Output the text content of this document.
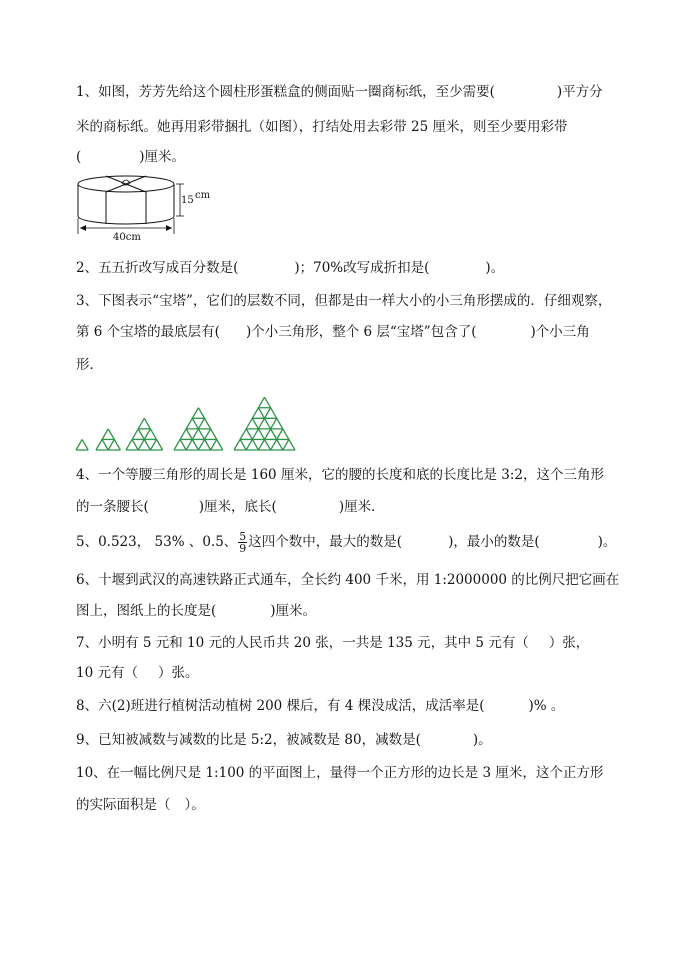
1、如图，芳芳先给这个圆柱形蛋糕盒的侧面贴一圈商标纸，至少需要(	)平方分
米的商标纸。她再用彩带捆扎（如图），打结处用去彩带 25 厘米，则至少要用彩带
(	)厘米。
15 cm
40cm
2、五五折改写成百分数是(	)；70%改写成折扣是(	)。
3、下图表示“宝塔”，它们的层数不同，但都是由一样大小的小三角形摆成的．仔细观察，
第 6 个宝塔的最底层有( )个小三角形，整个 6 层“宝塔”包含了(	)个小三角
形．
4、一个等腰三角形的周长是 160 厘米，它的腰的长度和底的长度比是 3:2，这个三角形
的一条腰长(	)厘米，底长(	)厘米．
5、0.523， 53% 、0.5、 $\frac{5}{9}$ 这四个数中，最大的数是(	)，最小的数是(	)。
6、十堰到武汉的高速铁路正式通车，全长约 400 千米，用 1:2000000 的比例尺把它画在
图上，图纸上的长度是(	)厘米。
7、小明有 5 元和 10 元的人民币共 20 张，一共是 135 元，其中 5 元有（ ）张，
10 元有（ ）张。
8、六(2)班进行植树活动植树 200 棵后，有 4 棵没成活，成活率是(	)% 。
9、已知被减数与减数的比是 5:2，被减数是 80，减数是(	)。
10、在一幅比例尺是 1:100 的平面图上，量得一个正方形的边长是 3 厘米，这个正方形
的实际面积是（ ）。
